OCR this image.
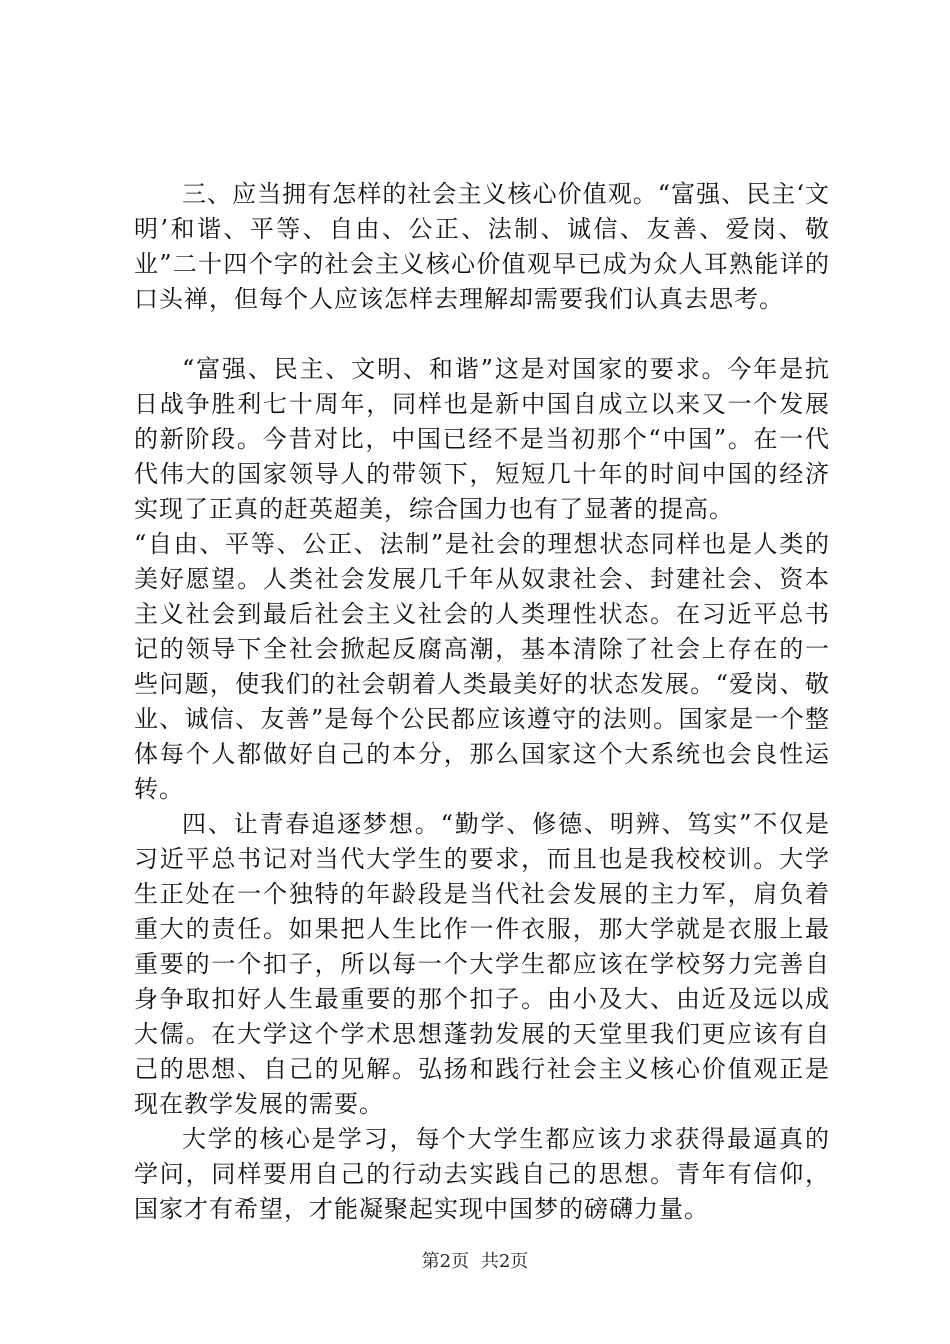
三、应当拥有怎样的社会主义核心价值观。“富强、民主‘文明’和谐、平等、自由、公正、法制、诚信、友善、爱岗、敬业”二十四个字的社会主义核心价值观早已成为众人耳熟能详的口头禅，但每个人应该怎样去理解却需要我们认真去思考。

“富强、民主、文明、和谐”这是对国家的要求。今年是抗日战争胜利七十周年，同样也是新中国自成立以来又一个发展的新阶段。今昔对比，中国已经不是当初那个“中国”。在一代代伟大的国家领导人的带领下，短短几十年的时间中国的经济实现了正真的赶英超美，综合国力也有了显著的提高。

“自由、平等、公正、法制”是社会的理想状态同样也是人类的美好愿望。人类社会发展几千年从奴隶社会、封建社会、资本主义社会到最后社会主义社会的人类理性状态。在习近平总书记的领导下全社会掀起反腐高潮，基本清除了社会上存在的一些问题，使我们的社会朝着人类最美好的状态发展。“爱岗、敬业、诚信、友善”是每个公民都应该遵守的法则。国家是一个整体每个人都做好自己的本分，那么国家这个大系统也会良性运转。

四、让青春追逐梦想。“勤学、修德、明辨、笃实”不仅是习近平总书记对当代大学生的要求，而且也是我校校训。大学生正处在一个独特的年龄段是当代社会发展的主力军，肩负着重大的责任。如果把人生比作一件衣服，那大学就是衣服上最重要的一个扣子，所以每一个大学生都应该在学校努力完善自身争取扣好人生最重要的那个扣子。由小及大、由近及远以成大儒。在大学这个学术思想蓬勃发展的天堂里我们更应该有自己的思想、自己的见解。弘扬和践行社会主义核心价值观正是现在教学发展的需要。

大学的核心是学习，每个大学生都应该力求获得最逼真的学问，同样要用自己的行动去实践自己的思想。青年有信仰，国家才有希望，才能凝聚起实现中国梦的磅礴力量。

第2页 共2页
